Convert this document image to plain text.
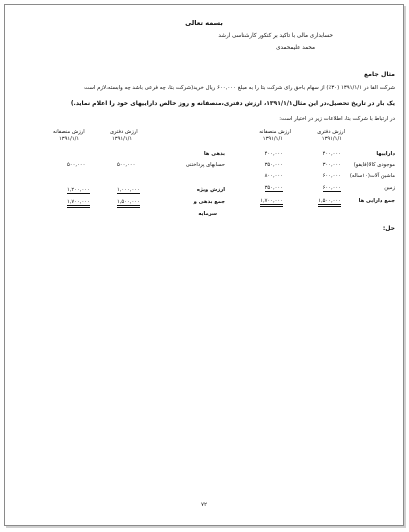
بسمه تعالی
حسابداری مالی با تاکید بر کنکور کارشناسی ارشد
محمد علیمحمدی
مثال جامع
شرکت الفا در ۱۳۹۱/۱/۱ (۳۰٪) از سهام باحق رای شرکت بتا را به مبلغ ۶۰۰,۰۰۰ ریال خرید(شرکت بتا، چه فرعی باشد چه وابسته،لازم است
یک بار در تاریخ تحصیل،در این مثال۱۳۹۱/۱/۱، ارزش دفتری،منصفانه و روز خالص داراییهای خود را اعلام نماید.)
در ارتباط با شرکت بتا، اطلاعات زیر در اختیار است:
ارزش دفتری
۱۳۹۱/۱/۱
ارزش منصفانه
۱۳۹۱/۱/۱
ارزش دفتری
۱۳۹۱/۱/۱
ارزش منصفانه
۱۳۹۱/۱/۱
داراییها
بدهی ها
موجودی کالا(فایفو)
۴۰۰,۰۰۰
۴۰۰,۰۰۰
ماشین آلات(۱۰ساله)
۳۰۰,۰۰۰
۳۵۰,۰۰۰
۶۰۰,۰۰۰
۸۰۰,۰۰۰
زمین
۶۰۰,۰۰۰
۳۵۰,۰۰۰
جمع دارایی ها
۱,۵۰۰,۰۰۰
۱,۷۰۰,۰۰۰
حسابهای پرداختنی
۵۰۰,۰۰۰
۵۰۰,۰۰۰
ارزش ویژه
۱,۰۰۰,۰۰۰
۱,۲۰۰,۰۰۰
جمع بدهی و
سرمایه
۱,۵۰۰,۰۰۰
۱,۷۰۰,۰۰۰
حل:
۷۲
